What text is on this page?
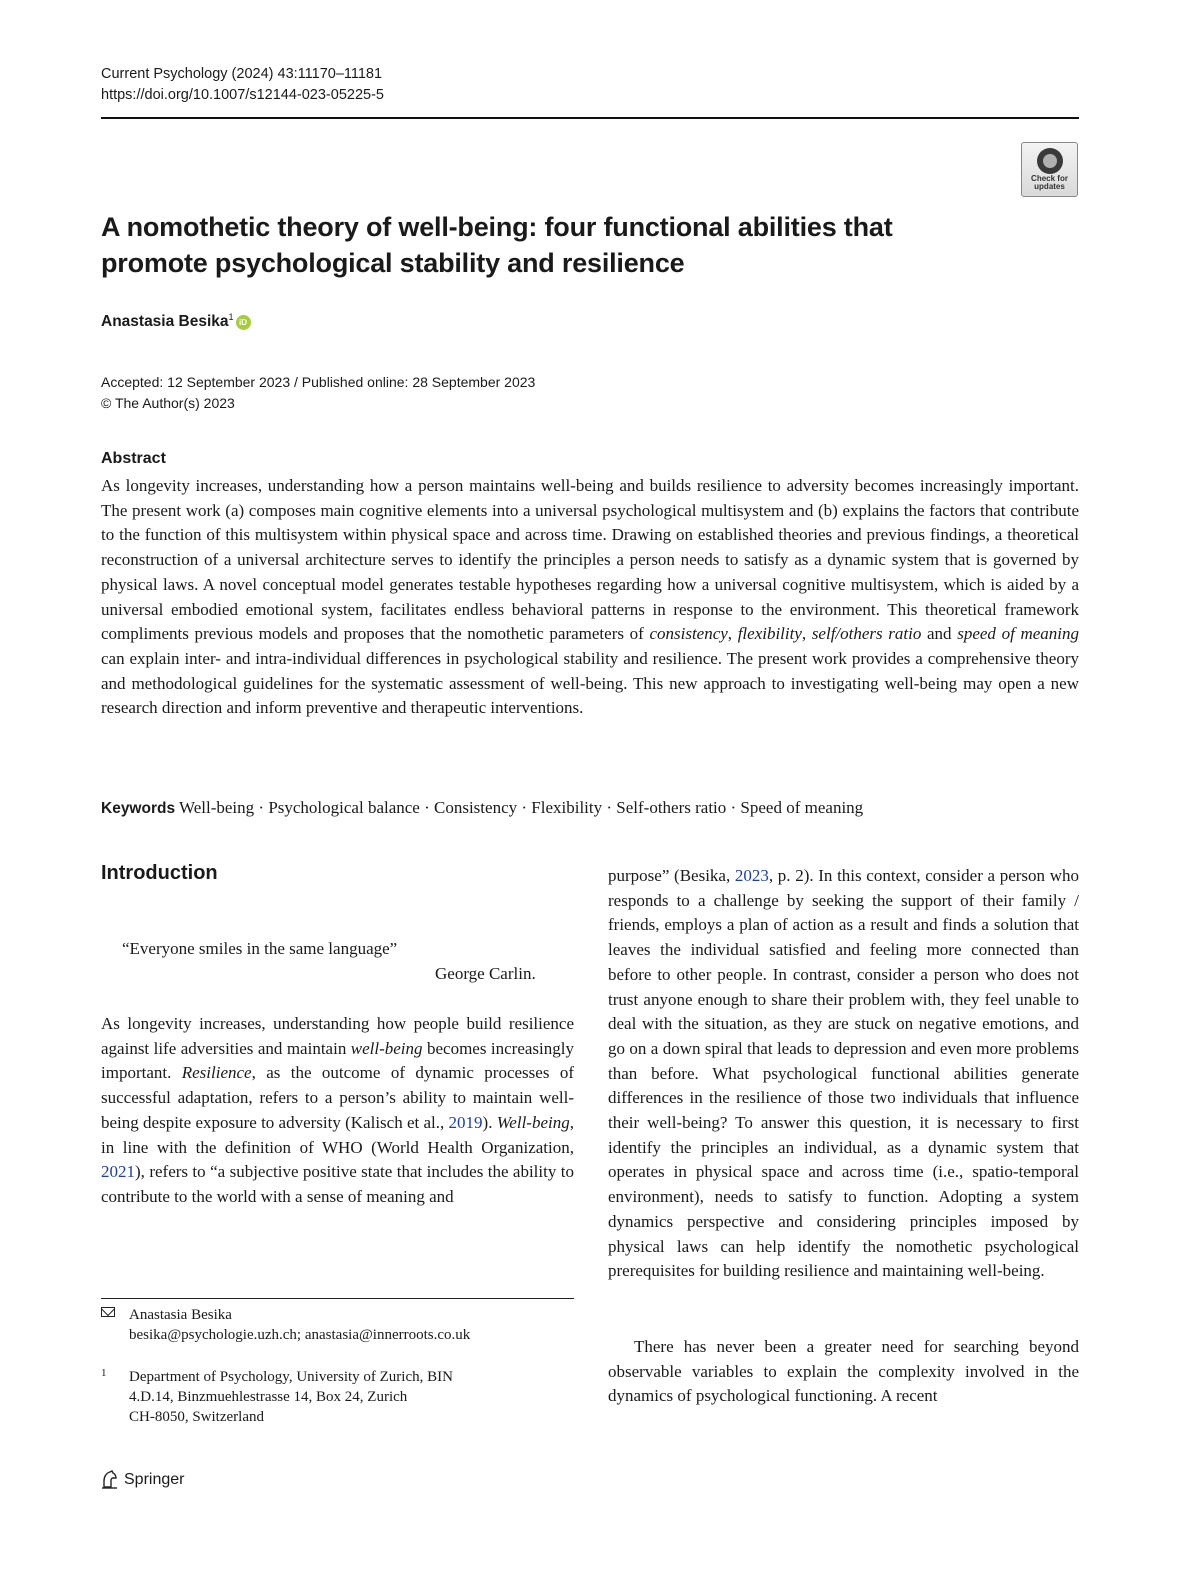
Current Psychology (2024) 43:11170–11181
https://doi.org/10.1007/s12144-023-05225-5
Check for updates
A nomothetic theory of well-being: four functional abilities that promote psychological stability and resilience
Anastasia Besika$^1$iD
Accepted: 12 September 2023 / Published online: 28 September 2023
© The Author(s) 2023
Abstract

As longevity increases, understanding how a person maintains well-being and builds resilience to adversity becomes increasingly important. The present work (a) composes main cognitive elements into a universal psychological multisystem and (b) explains the factors that contribute to the function of this multisystem within physical space and across time. Drawing on established theories and previous findings, a theoretical reconstruction of a universal architecture serves to identify the principles a person needs to satisfy as a dynamic system that is governed by physical laws. A novel conceptual model generates testable hypotheses regarding how a universal cognitive multisystem, which is aided by a universal embodied emotional system, facilitates endless behavioral patterns in response to the environment. This theoretical framework compliments previous models and proposes that the nomothetic parameters of consistency, flexibility, self/others ratio and speed of meaning can explain inter- and intra-individual differences in psychological stability and resilience. The present work provides a comprehensive theory and methodological guidelines for the systematic assessment of well-being. This new approach to investigating well-being may open a new research direction and inform preventive and therapeutic interventions.

Keywords Well-being · Psychological balance · Consistency · Flexibility · Self-others ratio · Speed of meaning
Introduction
“Everyone smiles in the same language”
George Carlin.

As longevity increases, understanding how people build resilience against life adversities and maintain well-being becomes increasingly important. Resilience, as the outcome of dynamic processes of successful adaptation, refers to a person’s ability to maintain well-being despite exposure to adversity (Kalisch et al., 2019). Well-being, in line with the definition of WHO (World Health Organization, 2021), refers to “a subjective positive state that includes the ability to contribute to the world with a sense of meaning and

Anastasia Besika
besika@psychologie.uzh.ch; anastasia@innerroots.co.uk
1 Department of Psychology, University of Zurich, BIN
4.D.14, Binzmuehlestrasse 14, Box 24, Zurich
CH-8050, Switzerland
Springer

purpose” (Besika, 2023, p. 2). In this context, consider a person who responds to a challenge by seeking the support of their family / friends, employs a plan of action as a result and finds a solution that leaves the individual satisfied and feeling more connected than before to other people. In contrast, consider a person who does not trust anyone enough to share their problem with, they feel unable to deal with the situation, as they are stuck on negative emotions, and go on a down spiral that leads to depression and even more problems than before. What psychological functional abilities generate differences in the resilience of those two individuals that influence their well-being? To answer this question, it is necessary to first identify the principles an individual, as a dynamic system that operates in physical space and across time (i.e., spatio-temporal environment), needs to satisfy to function. Adopting a system dynamics perspective and considering principles imposed by physical laws can help identify the nomothetic psychological prerequisites for building resilience and maintaining well-being.

There has never been a greater need for searching beyond observable variables to explain the complexity involved in the dynamics of psychological functioning. A recent
